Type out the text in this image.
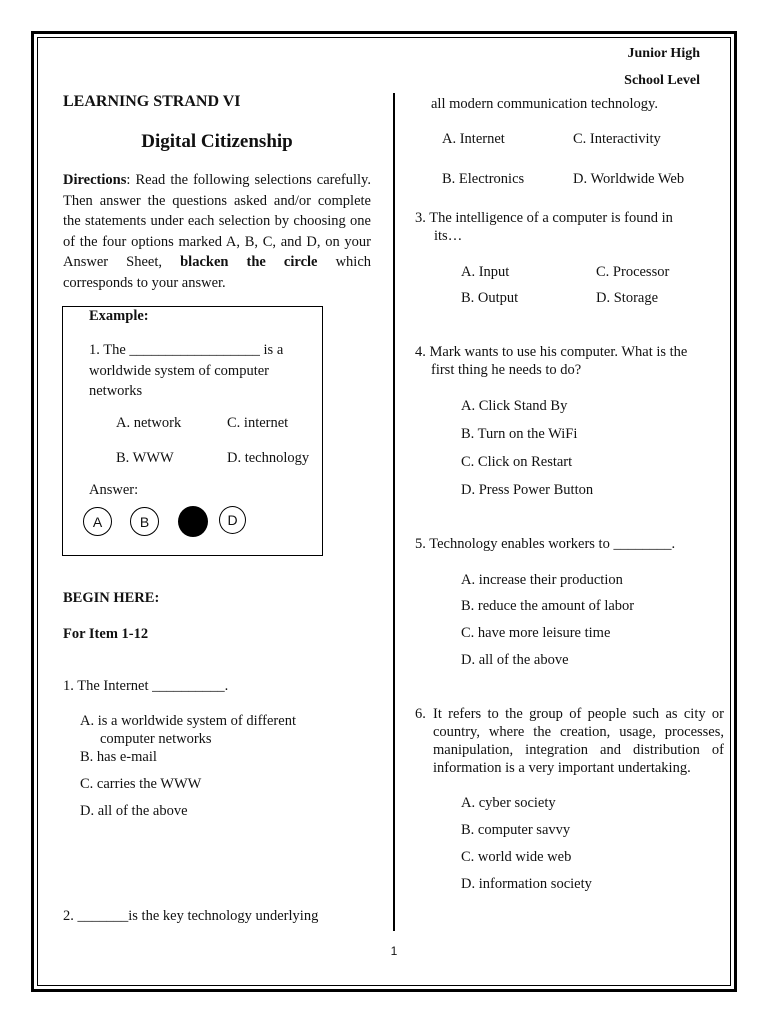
Junior High
School Level
LEARNING STRAND VI
Digital Citizenship
Directions: Read the following selections carefully. Then answer the questions asked and/or complete the statements under each selection by choosing one of the four options marked A, B, C, and D, on your Answer Sheet, blacken the circle which corresponds to your answer.
Example:
1. The __________________ is a worldwide system of computer networks
A. network	C. internet
B. WWW	D. technology
Answer:
A	B	D
BEGIN HERE:
For Item 1-12
1. The Internet __________.
A. is a worldwide system of different
computer networks
B. has e-mail
C. carries the WWW
D. all of the above
2. _______is the key technology underlying
all modern communication technology.
A. Internet	C. Interactivity
B. Electronics	D. Worldwide Web
3. The intelligence of a computer is found in
its…
A. Input	C. Processor
B. Output	D. Storage
4. Mark wants to use his computer. What is the
first thing he needs to do?
A. Click Stand By
B. Turn on the WiFi
C. Click on Restart
D. Press Power Button
5. Technology enables workers to ________.
A. increase their production
B. reduce the amount of labor
C. have more leisure time
D. all of the above
6. It refers to the group of people such as city or country, where the creation, usage, processes, manipulation, integration and distribution of information is a very important undertaking.
A. cyber society
B. computer savvy
C. world wide web
D. information society
1
